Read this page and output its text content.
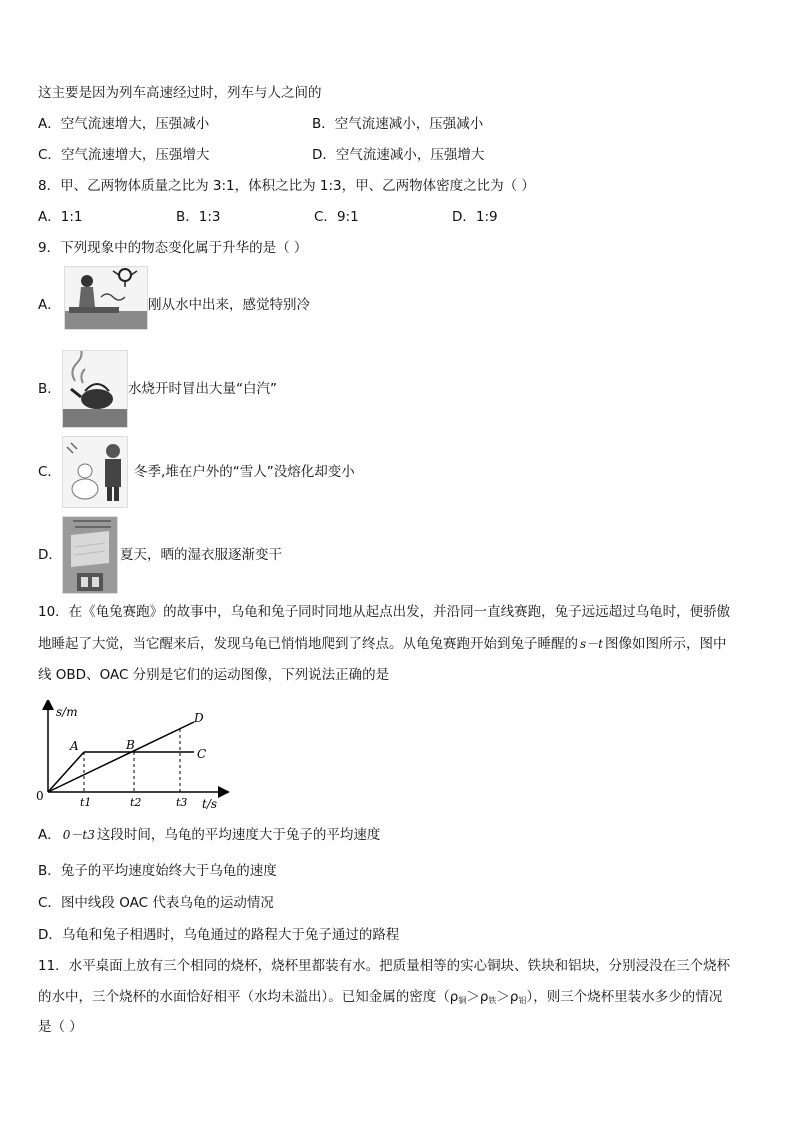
这主要是因为列车高速经过时，列车与人之间的
A．空气流速增大，压强减小	B．空气流速减小，压强减小
C．空气流速增大，压强增大	D．空气流速减小，压强增大
8．甲、乙两物体质量之比为 3:1，体积之比为 1:3，甲、乙两物体密度之比为（ ）
A．1:1	B．1:3	C．9:1	D．1:9
9．下列现象中的物态变化属于升华的是（ ）
A．	刚从水中出来，感觉特别冷
B．	水烧开时冒出大量“白汽”
C．	冬季,堆在户外的“雪人”没熔化却变小
D．	夏天，晒的湿衣服逐渐变干
10．在《龟兔赛跑》的故事中，乌龟和兔子同时同地从起点出发，并沿同一直线赛跑，兔子远远超过乌龟时，便骄傲
地睡起了大觉，当它醒来后，发现乌龟已悄悄地爬到了终点。从龟兔赛跑开始到兔子睡醒的 s－t 图像如图所示，图中
线 OBD、OAC 分别是它们的运动图像，下列说法正确的是
s/m
t/s
0
A	B
C
D
t1	t2	t3
A． 0－t3 这段时间，乌龟的平均速度大于兔子的平均速度
B．兔子的平均速度始终大于乌龟的速度
C．图中线段 OAC 代表乌龟的运动情况
D．乌龟和兔子相遇时，乌龟通过的路程大于兔子通过的路程
11．水平桌面上放有三个相同的烧杯，烧杯里都装有水。把质量相等的实心铜块、铁块和铝块，分别浸没在三个烧杯
的水中，三个烧杯的水面恰好相平（水均未溢出）。已知金属的密度$(\rho_铜>\rho_铁>\rho_铝)$，则三个烧杯里装水多少的情况
是（ ）
